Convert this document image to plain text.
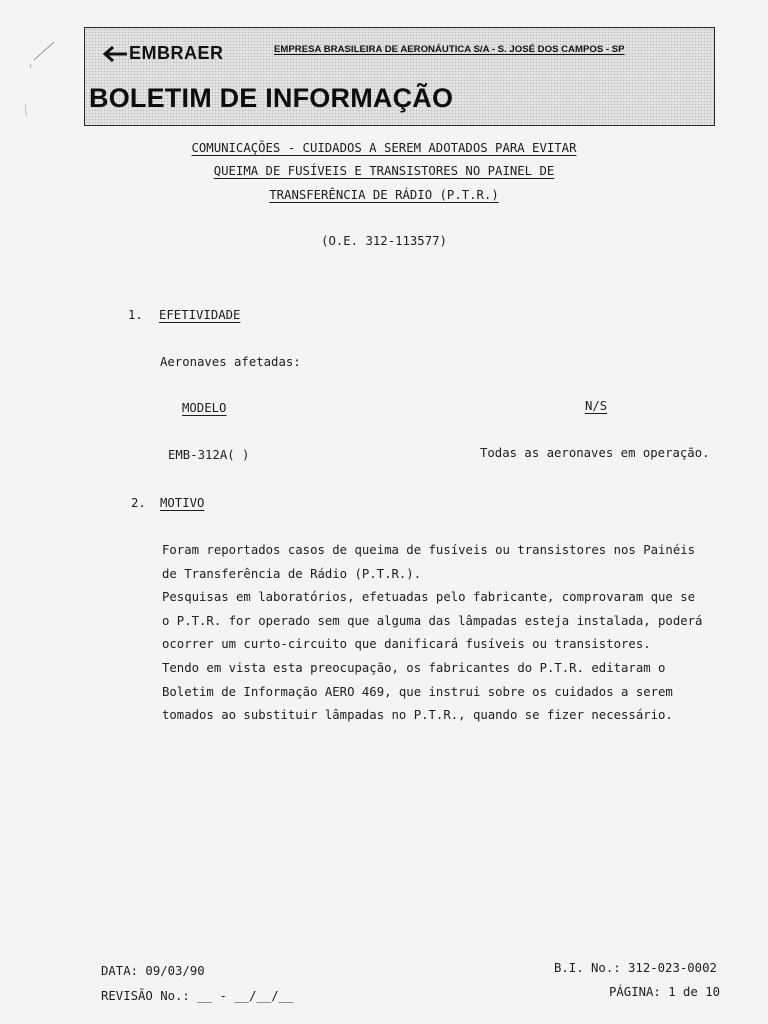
EMBRAER	EMPRESA BRASILEIRA DE AERONÁUTICA S/A - S. JOSÉ DOS CAMPOS - SP
BOLETIM DE INFORMAÇÃO
COMUNICAÇÕES - CUIDADOS A SEREM ADOTADOS PARA EVITAR
QUEIMA DE FUSÍVEIS E TRANSISTORES NO PAINEL DE
TRANSFERÊNCIA DE RÁDIO (P.T.R.)
(O.E. 312-113577)
1. EFETIVIDADE
Aeronaves afetadas:
MODELO	N/S
EMB-312A( )	Todas as aeronaves em operação.
2. MOTIVO
Foram reportados casos de queima de fusíveis ou transistores nos Painéis
de Transferência de Rádio (P.T.R.).
Pesquisas em laboratórios, efetuadas pelo fabricante, comprovaram que se
o P.T.R. for operado sem que alguma das lâmpadas esteja instalada, poderá
ocorrer um curto-circuito que danificará fusíveis ou transistores.
Tendo em vista esta preocupação, os fabricantes do P.T.R. editaram o
Boletim de Informação AERO 469, que instrui sobre os cuidados a serem
tomados ao substituir lâmpadas no P.T.R., quando se fizer necessário.
DATA: 09/03/90
REVISÃO No.: __ - __/__/__
B.I. No.: 312-023-0002
PÁGINA: 1 de 10
